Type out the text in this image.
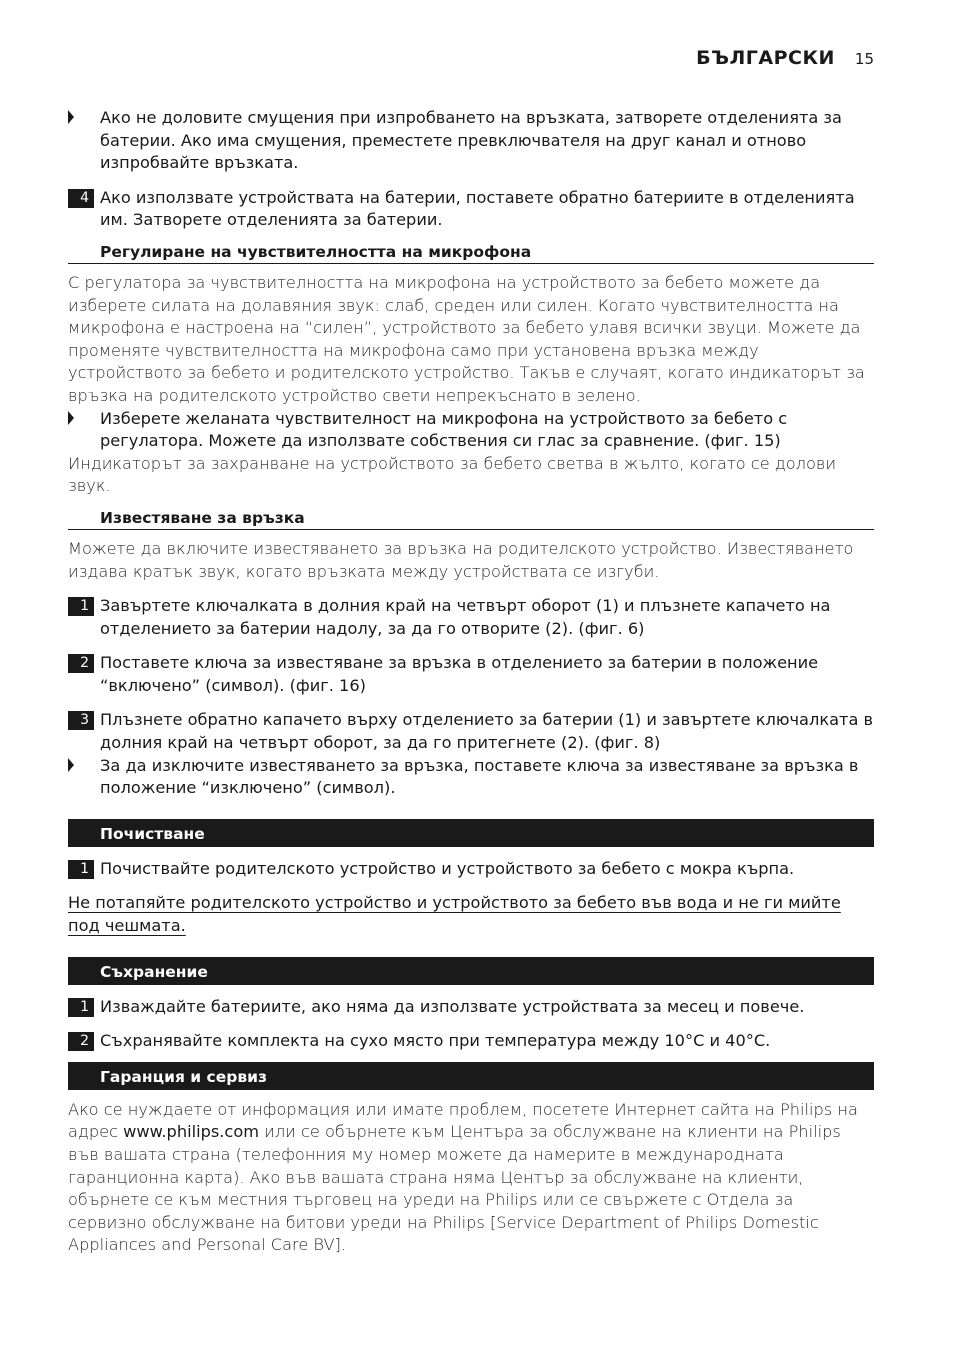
БЪЛГАРСКИ 15
Ако не доловите смущения при изпробването на връзката, затворете отделенията за батерии. Ако има смущения, преместете превключвателя на друг канал и отново изпробвайте връзката.
4 Ако използвате устройствата на батерии, поставете обратно батериите в отделенията им. Затворете отделенията за батерии.
Регулиране на чувствителността на микрофона
С регулатора за чувствителността на микрофона на устройството за бебето можете да изберете силата на долавяния звук: слаб, среден или силен. Когато чувствителността на микрофона е настроена на “силен”, устройството за бебето улавя всички звуци. Можете да променяте чувствителността на микрофона само при установена връзка между устройството за бебето и родителското устройство. Такъв е случаят, когато индикаторът за връзка на родителското устройство свети непрекъснато в зелено.
Изберете желаната чувствителност на микрофона на устройството за бебето с регулатора. Можете да използвате собствения си глас за сравнение. (фиг. 15)
Индикаторът за захранване на устройството за бебето светва в жълто, когато се долови звук.
Известяване за връзка
Можете да включите известяването за връзка на родителското устройство. Известяването издава кратък звук, когато връзката между устройствата се изгуби.
1 Завъртете ключалката в долния край на четвърт оборот (1) и плъзнете капачето на отделението за батерии надолу, за да го отворите (2). (фиг. 6)
2 Поставете ключа за известяване за връзка в отделението за батерии в положение “включено” (символ). (фиг. 16)
3 Плъзнете обратно капачето върху отделението за батерии (1) и завъртете ключалката в долния край на четвърт оборот, за да го притегнете (2). (фиг. 8)
За да изключите известяването за връзка, поставете ключа за известяване за връзка в положение “изключено” (символ).
Почистване
1 Почиствайте родителското устройство и устройството за бебето с мокра кърпа.
Не потапяйте родителското устройство и устройството за бебето във вода и не ги мийте под чешмата.
Съхранение
1 Изваждайте батериите, ако няма да използвате устройствата за месец и повече.
2 Съхранявайте комплекта на сухо място при температура между 10°C и 40°C.
Гаранция и сервиз
Ако се нуждаете от информация или имате проблем, посетете Интернет сайта на Philips на адрес www.philips.com или се обърнете към Центъра за обслужване на клиенти на Philips във вашата страна (телефонния му номер можете да намерите в международната гаранционна карта). Ако във вашата страна няма Център за обслужване на клиенти, обърнете се към местния търговец на уреди на Philips или се свържете с Отдела за сервизно обслужване на битови уреди на Philips [Service Department of Philips Domestic Appliances and Personal Care BV].
